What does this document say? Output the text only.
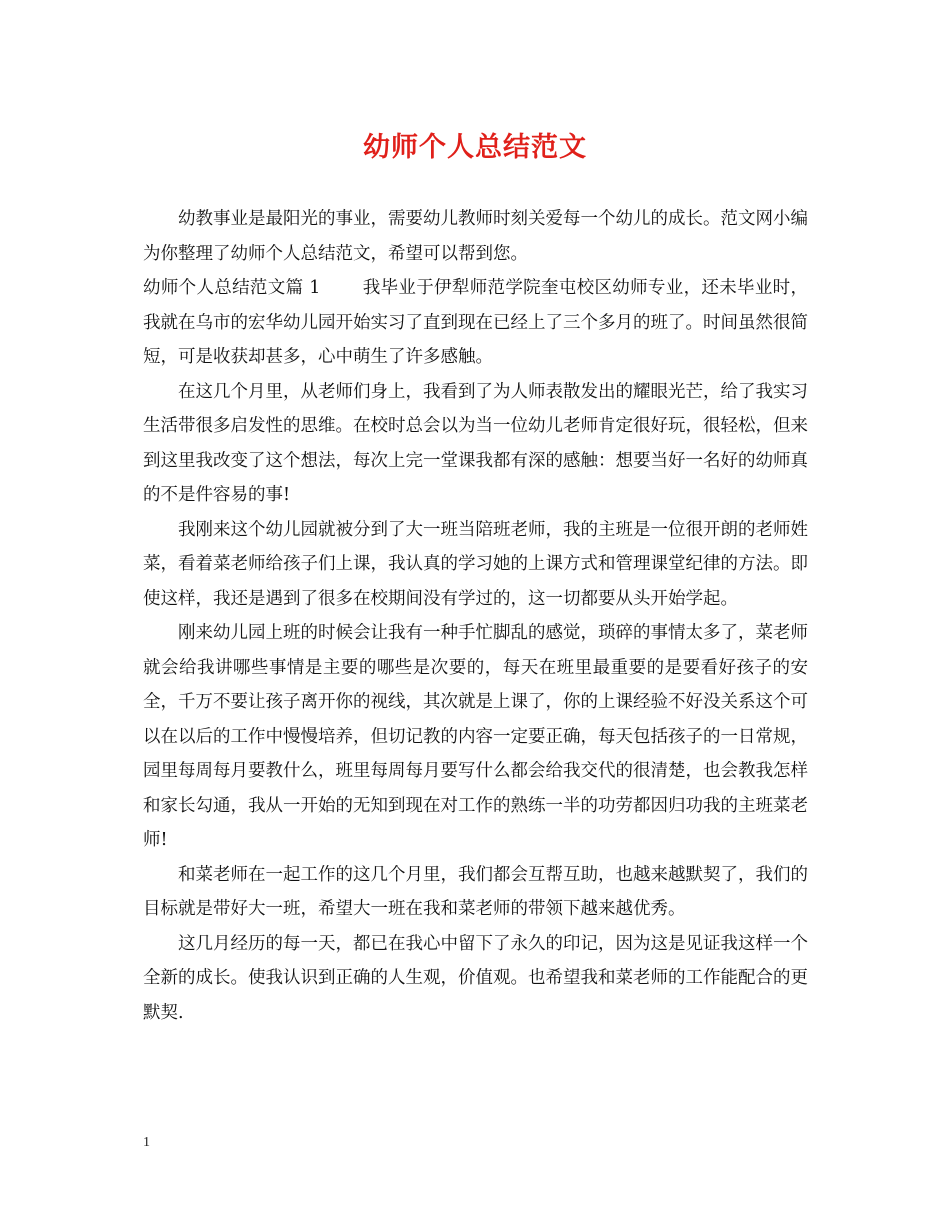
幼师个人总结范文

幼教事业是最阳光的事业，需要幼儿教师时刻关爱每一个幼儿的成长。范文网小编为你整理了幼师个人总结范文，希望可以帮到您。

幼师个人总结范文篇 1 我毕业于伊犁师范学院奎屯校区幼师专业，还未毕业时，我就在乌市的宏华幼儿园开始实习了直到现在已经上了三个多月的班了。时间虽然很简短，可是收获却甚多，心中萌生了许多感触。

在这几个月里，从老师们身上，我看到了为人师表散发出的耀眼光芒，给了我实习生活带很多启发性的思维。在校时总会以为当一位幼儿老师肯定很好玩，很轻松，但来到这里我改变了这个想法，每次上完一堂课我都有深的感触：想要当好一名好的幼师真的不是件容易的事!

我刚来这个幼儿园就被分到了大一班当陪班老师，我的主班是一位很开朗的老师姓菜，看着菜老师给孩子们上课，我认真的学习她的上课方式和管理课堂纪律的方法。即使这样，我还是遇到了很多在校期间没有学过的，这一切都要从头开始学起。

刚来幼儿园上班的时候会让我有一种手忙脚乱的感觉，琐碎的事情太多了，菜老师就会给我讲哪些事情是主要的哪些是次要的，每天在班里最重要的是要看好孩子的安全，千万不要让孩子离开你的视线，其次就是上课了，你的上课经验不好没关系这个可以在以后的工作中慢慢培养，但切记教的内容一定要正确，每天包括孩子的一日常规，园里每周每月要教什么，班里每周每月要写什么都会给我交代的很清楚，也会教我怎样和家长勾通，我从一开始的无知到现在对工作的熟练一半的功劳都因归功我的主班菜老师!

和菜老师在一起工作的这几个月里，我们都会互帮互助，也越来越默契了，我们的目标就是带好大一班，希望大一班在我和菜老师的带领下越来越优秀。

这几月经历的每一天，都已在我心中留下了永久的印记，因为这是见证我这样一个全新的成长。使我认识到正确的人生观，价值观。也希望我和菜老师的工作能配合的更默契.

1
